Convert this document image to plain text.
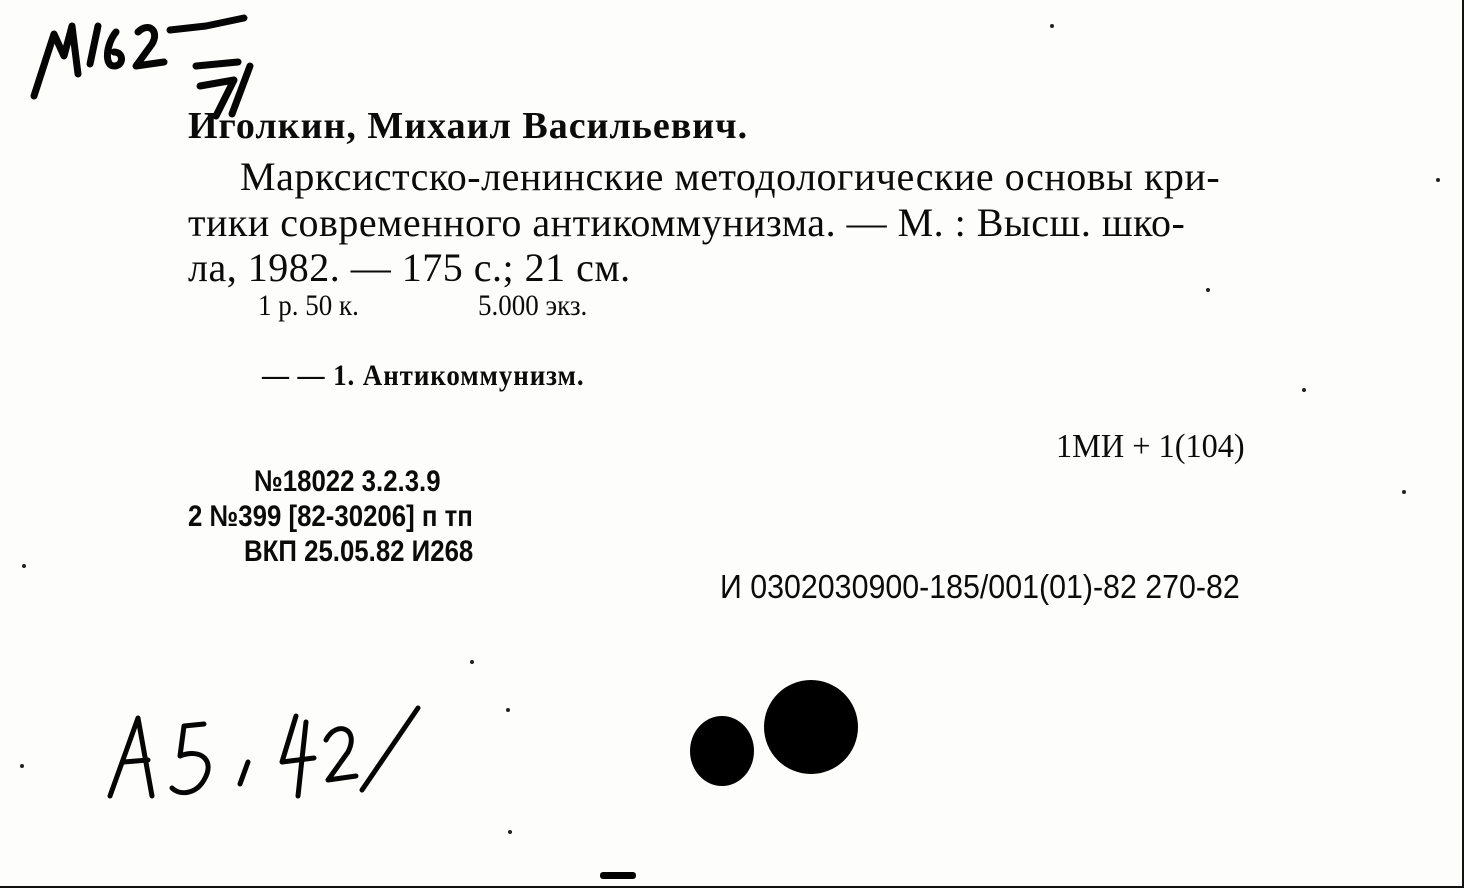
Иголкин, Михаил Васильевич.

Марксистско-ленинские методологические основы кри-

тики современного антикоммунизма. — М. : Высш. шко-

ла, 1982. — 175 с.; 21 см.

1 р. 50 к.	5.000 экз.

— — 1. Антикоммунизм.

1МИ + 1(104)

№18022 3.2.3.9

2 №399 [82-30206] п тп

ВКП 25.05.82 И268

И 0302030900-185/001(01)-82 270-82
